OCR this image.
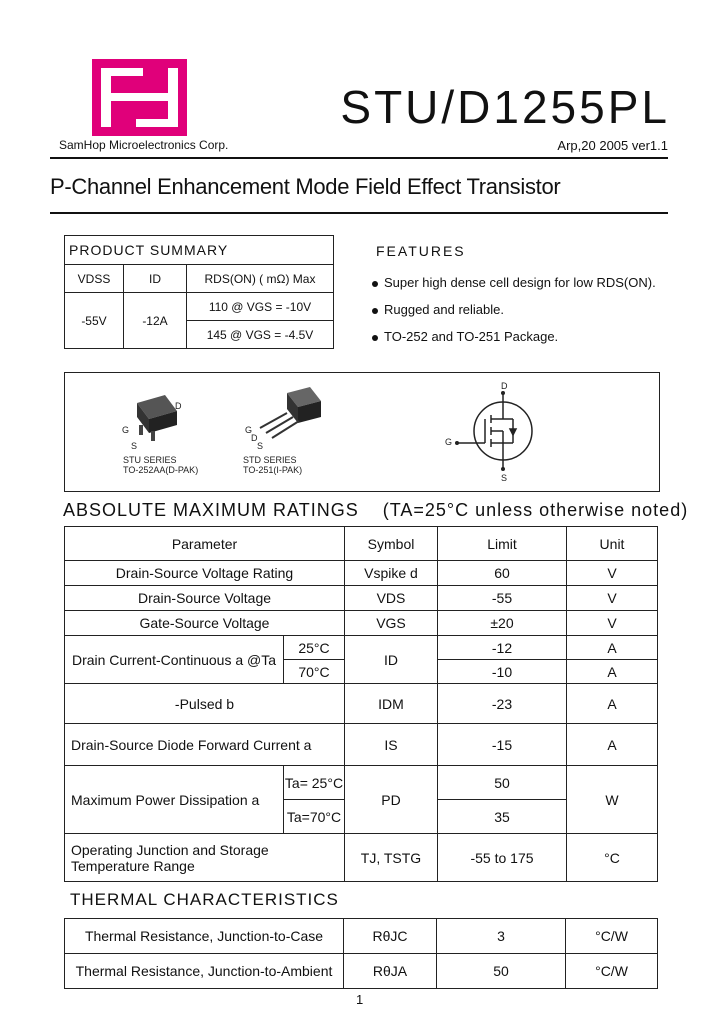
STU/D1255PL
SamHop Microelectronics Corp.	Arp,20 2005 ver1.1
P-Channel Enhancement Mode Field Effect Transistor
PRODUCT SUMMARY		
VDSS	ID	RDS(ON) ( mΩ) Max
-55V	-12A	110 @ VGS = -10V
		145 @ VGS = -4.5V
FEATURES
Super high dense cell design for low RDS(ON).
Rugged and reliable.
TO-252 and TO-251 Package.
D
G
S
G
D
S
STU SERIES
TO-252AA(D-PAK)
STD SERIES
TO-251(I-PAK)
D
G
S
ABSOLUTE MAXIMUM RATINGS (TA=25°C unless otherwise noted)
Parameter		Symbol	Limit	Unit
Drain-Source Voltage Rating		Vspike d	60	V
Drain-Source Voltage		VDS	-55	V
Gate-Source Voltage		VGS	±20	V
Drain Current-Continuous a @Ta	25°C	ID	-12	A
	70°C		-10	A
-Pulsed b		IDM	-23	A
Drain-Source Diode Forward Current a		IS	-15	A
Maximum Power Dissipation a	Ta= 25°C	PD	50	W
	Ta=70°C		35	

Operating Junction and Storage
Temperature Range		TJ, TSTG	-55 to 175	°C
THERMAL CHARACTERISTICS
Thermal Resistance, Junction-to-Case	RθJC	3	°C/W
Thermal Resistance, Junction-to-Ambient	RθJA	50	°C/W
1
